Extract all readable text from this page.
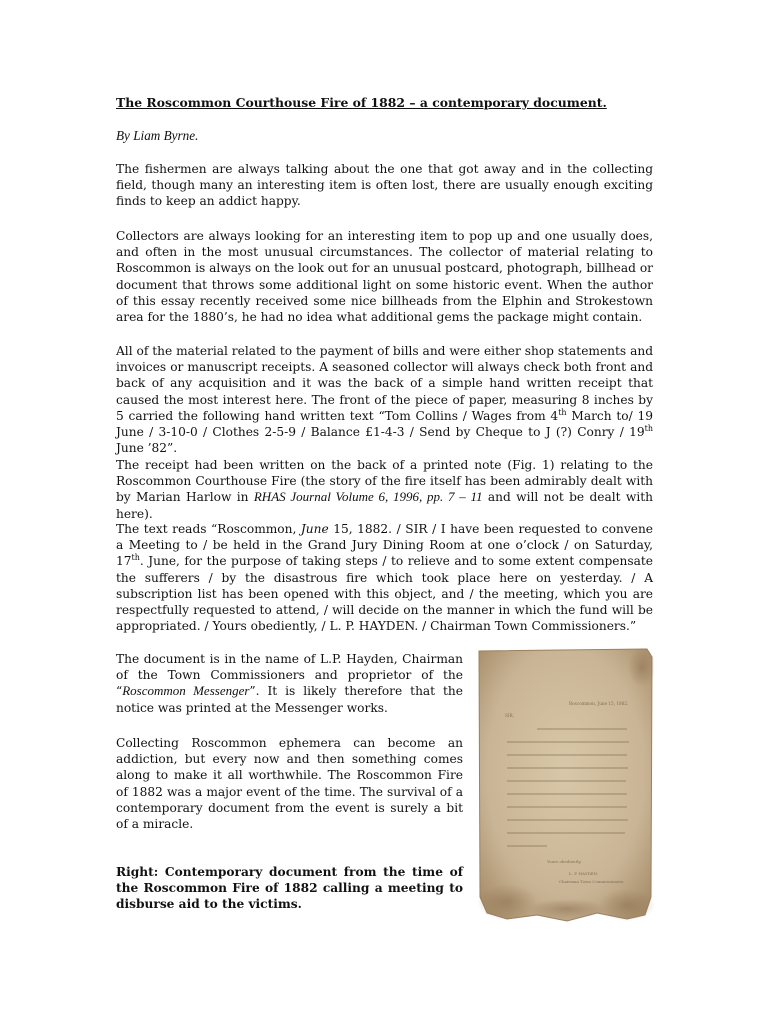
The Roscommon Courthouse Fire of 1882 – a contemporary document.
By Liam Byrne.

The fishermen are always talking about the one that got away and in the collecting field, though many an interesting item is often lost, there are usually enough exciting finds to keep an addict happy.

Collectors are always looking for an interesting item to pop up and one usually does, and often in the most unusual circumstances. The collector of material relating to Roscommon is always on the look out for an unusual postcard, photograph, billhead or document that throws some additional light on some historic event. When the author of this essay recently received some nice billheads from the Elphin and Strokestown area for the 1880’s, he had no idea what additional gems the package might contain.

All of the material related to the payment of bills and were either shop statements and invoices or manuscript receipts. A seasoned collector will always check both front and back of any acquisition and it was the back of a simple hand written receipt that caused the most interest here. The front of the piece of paper, measuring 8 inches by 5 carried the following hand written text “Tom Collins / Wages from 4th March to/ 19 June / 3-10-0 / Clothes 2-5-9 / Balance £1-4-3 / Send by Cheque to J (?) Conry / 19th June ’82”.

The receipt had been written on the back of a printed note (Fig. 1) relating to the Roscommon Courthouse Fire (the story of the fire itself has been admirably dealt with by Marian Harlow in RHAS Journal Volume 6, 1996, pp. 7 – 11 and will not be dealt with here).

The text reads “Roscommon, June 15, 1882. / SIR / I have been requested to convene a Meeting to / be held in the Grand Jury Dining Room at one o’clock / on Saturday, 17th. June, for the purpose of taking steps / to relieve and to some extent compensate the sufferers / by the disastrous fire which took place here on yesterday. / A subscription list has been opened with this object, and / the meeting, which you are respectfully requested to attend, / will decide on the manner in which the fund will be appropriated. / Yours obediently, / L. P. HAYDEN. / Chairman Town Commissioners.”

The document is in the name of L.P. Hayden, Chairman of the Town Commissioners and proprietor of the “Roscommon Messenger”. It is likely therefore that the notice was printed at the Messenger works.

Collecting Roscommon ephemera can become an addiction, but every now and then something comes along to make it all worthwhile. The Roscommon Fire of 1882 was a major event of the time. The survival of a contemporary document from the event is surely a bit of a miracle.

Right: Contemporary document from the time of the Roscommon Fire of 1882 calling a meeting to disburse aid to the victims.
Roscommon, June 15, 1882.
SIR,
Yours obediently,
L. P. HAYDEN,
Chairman Town Commissioners.
